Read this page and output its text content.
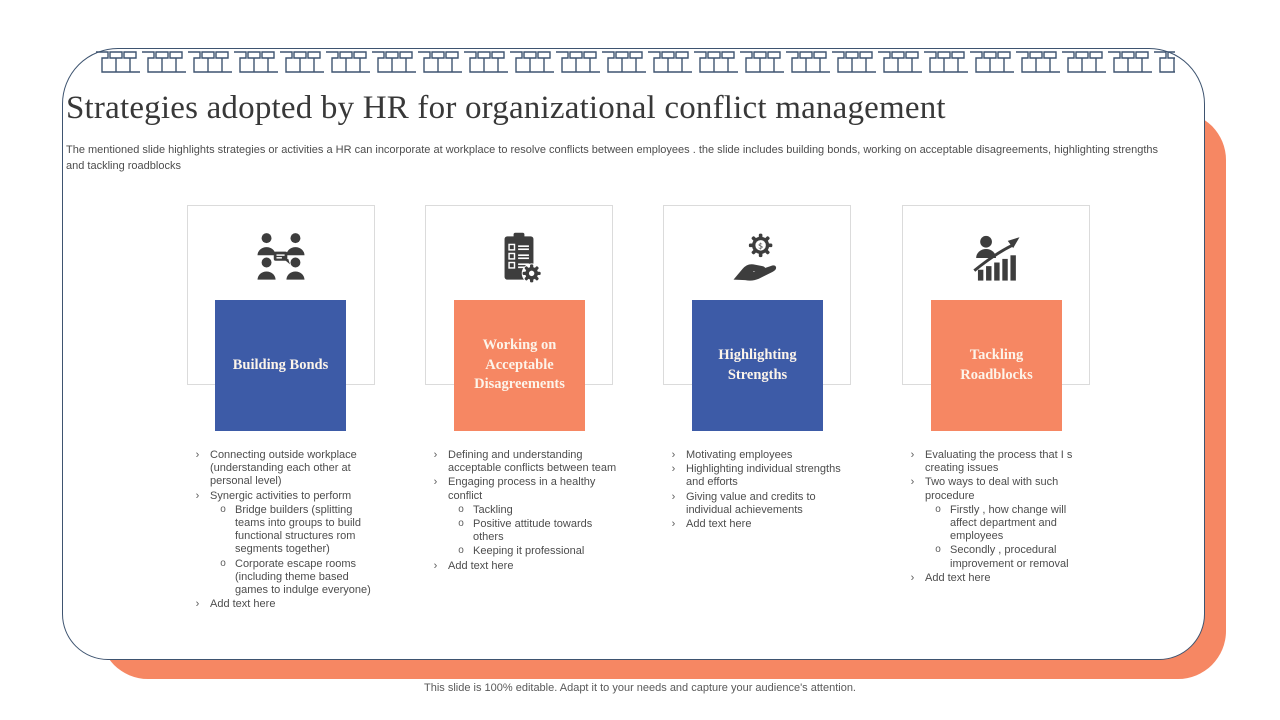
Strategies adopted by HR for organizational conflict management
The mentioned slide highlights strategies or activities a HR can incorporate at workplace to resolve conflicts between employees . the slide includes building bonds, working on acceptable disagreements, highlighting strengths and tackling roadblocks
Building Bonds
› Connecting outside workplace (understanding each other at personal level)
› Synergic activities to perform
o Bridge builders (splitting teams into groups to build functional structures rom segments together)
o Corporate escape rooms (including theme based games to indulge everyone)
› Add text here
Working on Acceptable Disagreements
› Defining and understanding acceptable conflicts between team
› Engaging process in a healthy conflict
o Tackling
o Positive attitude towards others
o Keeping it professional
› Add text here
$
Highlighting Strengths
› Motivating employees
› Highlighting individual strengths and efforts
› Giving value and credits to individual achievements
› Add text here
Tackling Roadblocks
› Evaluating the process that I s creating issues
› Two ways to deal with such procedure
o Firstly , how change will affect department and employees
o Secondly , procedural improvement or removal
› Add text here
This slide is 100% editable. Adapt it to your needs and capture your audience's attention.
